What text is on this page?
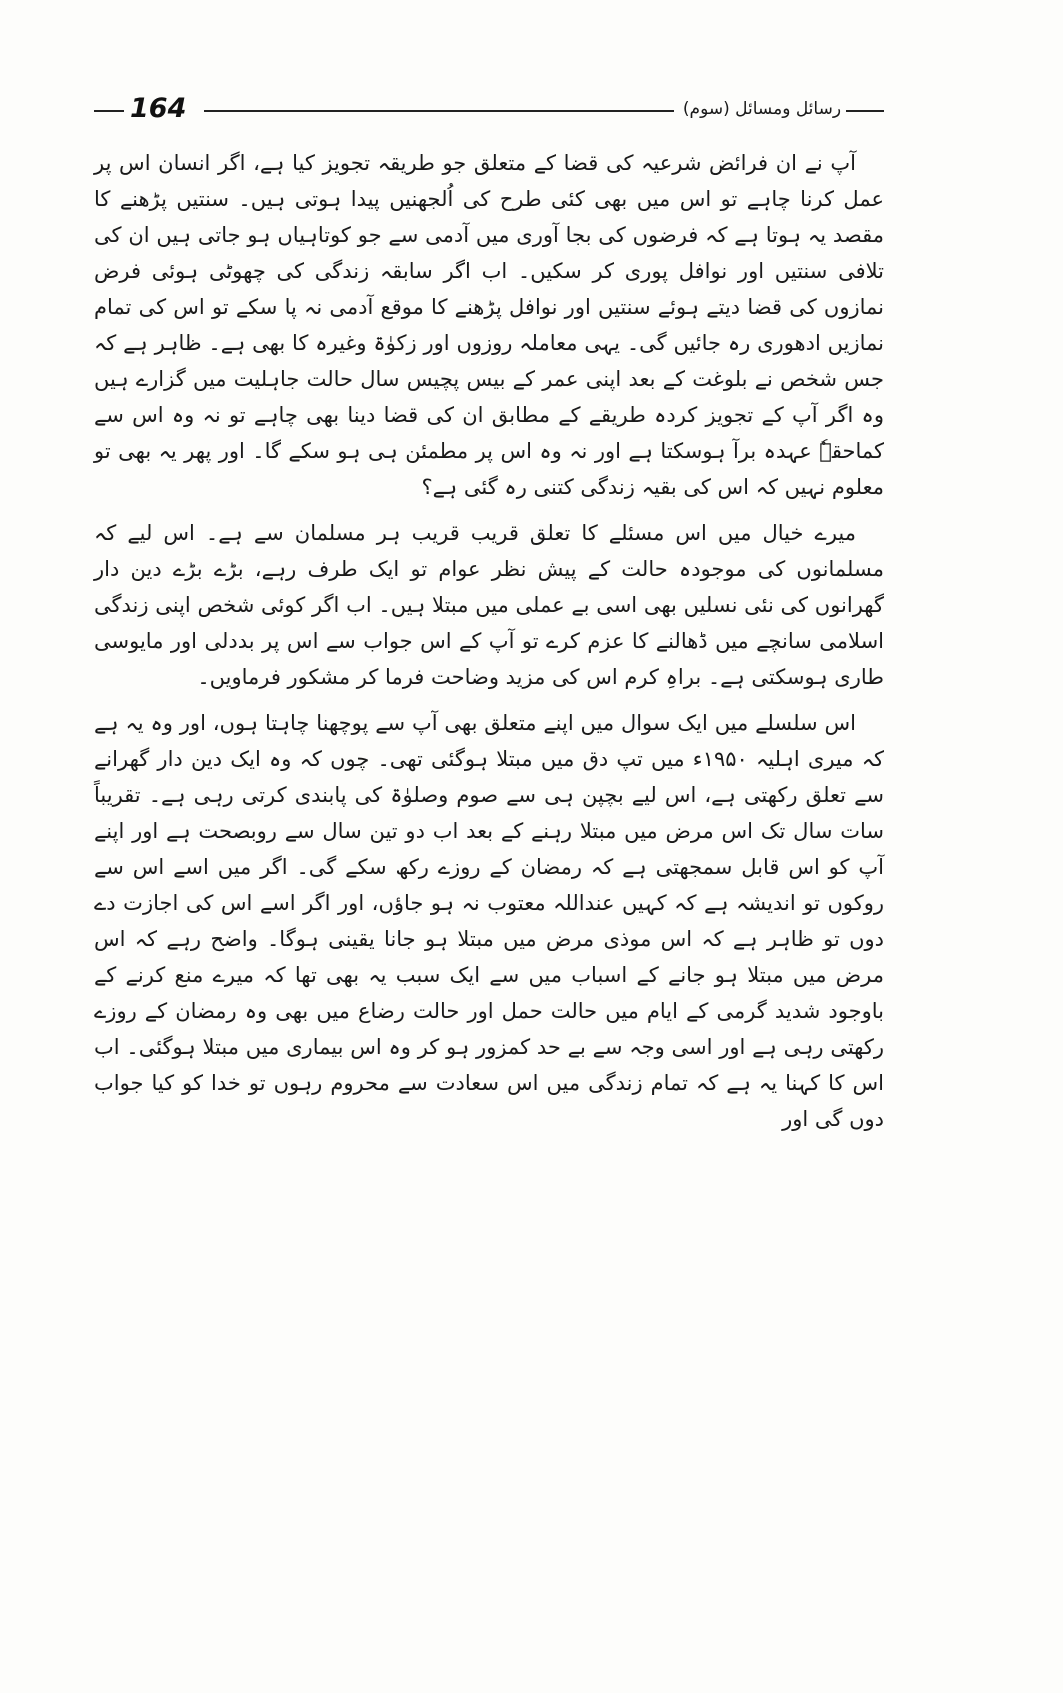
164	رسائل ومسائل (سوم)

آپ نے ان فرائض شرعیہ کی قضا کے متعلق جو طریقہ تجویز کیا ہے، اگر انسان اس پر عمل کرنا چاہے تو اس میں بھی کئی طرح کی اُلجھنیں پیدا ہوتی ہیں۔ سنتیں پڑھنے کا مقصد یہ ہوتا ہے کہ فرضوں کی بجا آوری میں آدمی سے جو کوتاہیاں ہو جاتی ہیں ان کی تلافی سنتیں اور نوافل پوری کر سکیں۔ اب اگر سابقہ زندگی کی چھوٹی ہوئی فرض نمازوں کی قضا دیتے ہوئے سنتیں اور نوافل پڑھنے کا موقع آدمی نہ پا سکے تو اس کی تمام نمازیں ادھوری رہ جائیں گی۔ یہی معاملہ روزوں اور زکوٰۃ وغیرہ کا بھی ہے۔ ظاہر ہے کہ جس شخص نے بلوغت کے بعد اپنی عمر کے بیس پچیس سال حالت جاہلیت میں گزارے ہیں وہ اگر آپ کے تجویز کردہ طریقے کے مطابق ان کی قضا دینا بھی چاہے تو نہ وہ اس سے کماحقہٗ عہدہ برآ ہوسکتا ہے اور نہ وہ اس پر مطمئن ہی ہو سکے گا۔ اور پھر یہ بھی تو معلوم نہیں کہ اس کی بقیہ زندگی کتنی رہ گئی ہے؟

میرے خیال میں اس مسئلے کا تعلق قریب قریب ہر مسلمان سے ہے۔ اس لیے کہ مسلمانوں کی موجودہ حالت کے پیش نظر عوام تو ایک طرف رہے، بڑے بڑے دین دار گھرانوں کی نئی نسلیں بھی اسی بے عملی میں مبتلا ہیں۔ اب اگر کوئی شخص اپنی زندگی اسلامی سانچے میں ڈھالنے کا عزم کرے تو آپ کے اس جواب سے اس پر بددلی اور مایوسی طاری ہوسکتی ہے۔ براہِ کرم اس کی مزید وضاحت فرما کر مشکور فرماویں۔

اس سلسلے میں ایک سوال میں اپنے متعلق بھی آپ سے پوچھنا چاہتا ہوں، اور وہ یہ ہے کہ میری اہلیہ ۱۹۵۰ء میں تپ دق میں مبتلا ہوگئی تھی۔ چوں کہ وہ ایک دین دار گھرانے سے تعلق رکھتی ہے، اس لیے بچپن ہی سے صوم وصلوٰۃ کی پابندی کرتی رہی ہے۔ تقریباً سات سال تک اس مرض میں مبتلا رہنے کے بعد اب دو تین سال سے روبصحت ہے اور اپنے آپ کو اس قابل سمجھتی ہے کہ رمضان کے روزے رکھ سکے گی۔ اگر میں اسے اس سے روکوں تو اندیشہ ہے کہ کہیں عنداللہ معتوب نہ ہو جاؤں، اور اگر اسے اس کی اجازت دے دوں تو ظاہر ہے کہ اس موذی مرض میں مبتلا ہو جانا یقینی ہوگا۔ واضح رہے کہ اس مرض میں مبتلا ہو جانے کے اسباب میں سے ایک سبب یہ بھی تھا کہ میرے منع کرنے کے باوجود شدید گرمی کے ایام میں حالت حمل اور حالت رضاع میں بھی وہ رمضان کے روزے رکھتی رہی ہے اور اسی وجہ سے بے حد کمزور ہو کر وہ اس بیماری میں مبتلا ہوگئی۔ اب اس کا کہنا یہ ہے کہ تمام زندگی میں اس سعادت سے محروم رہوں تو خدا کو کیا جواب دوں گی اور
